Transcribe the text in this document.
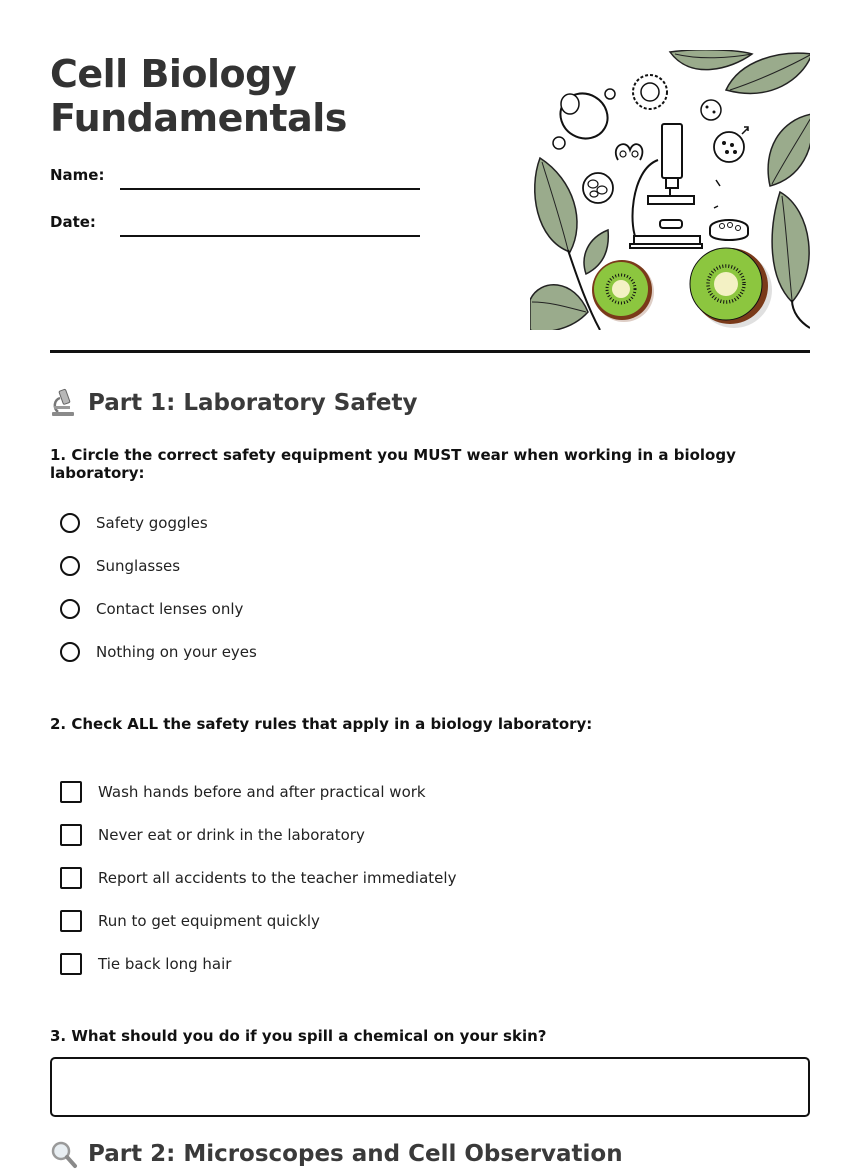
Cell Biology
Fundamentals
Name:
Date:
Part 1: Laboratory Safety
1. Circle the correct safety equipment you MUST wear when working in a biology laboratory:
Safety goggles
Sunglasses
Contact lenses only
Nothing on your eyes
2. Check ALL the safety rules that apply in a biology laboratory:
Wash hands before and after practical work
Never eat or drink in the laboratory
Report all accidents to the teacher immediately
Run to get equipment quickly
Tie back long hair
3. What should you do if you spill a chemical on your skin?
Part 2: Microscopes and Cell Observation
